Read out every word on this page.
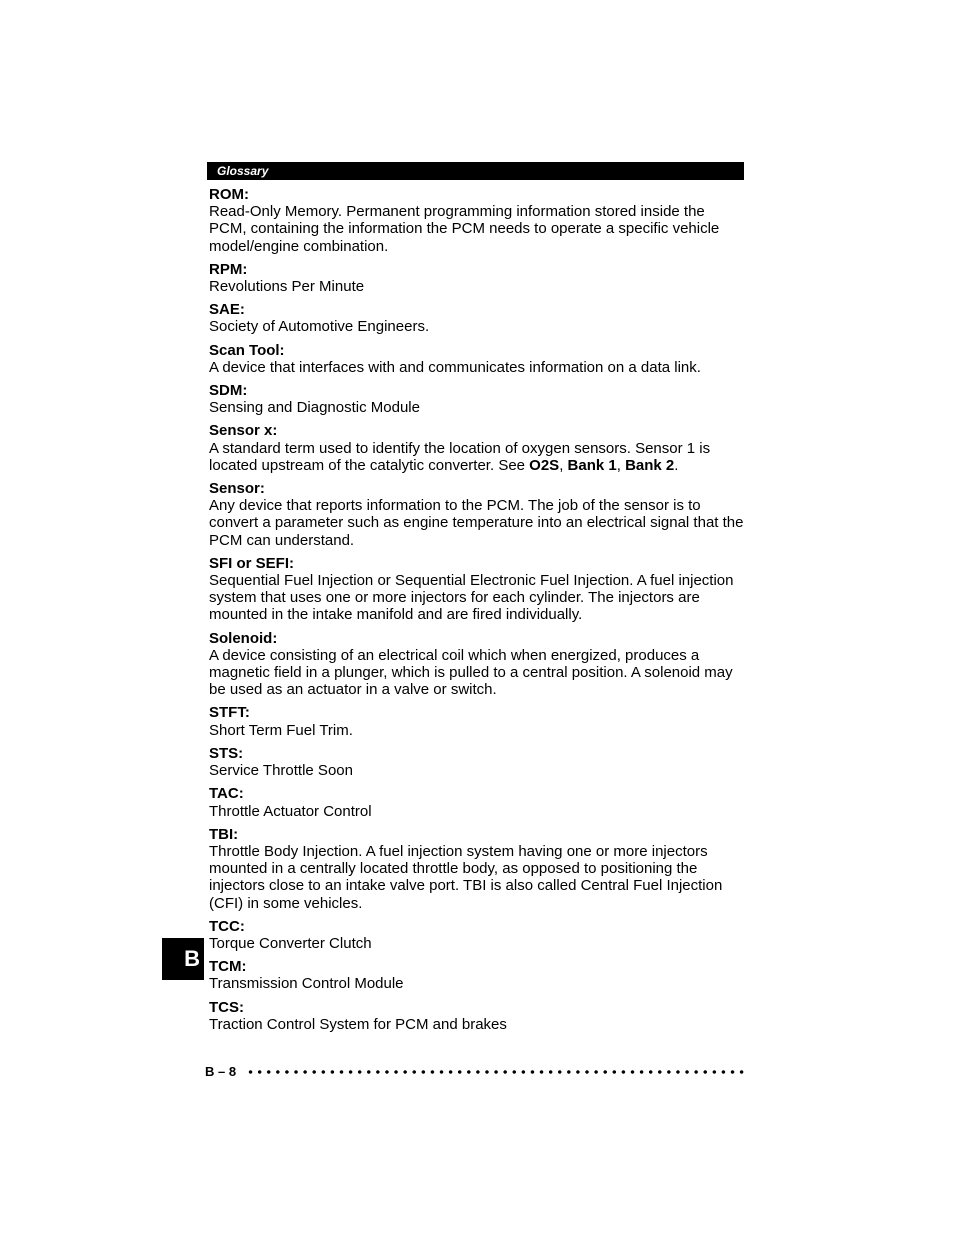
Glossary
ROM:
Read-Only Memory. Permanent programming information stored inside the PCM, containing the information the PCM needs to operate a specific vehicle model/engine combination.
RPM:
Revolutions Per Minute
SAE:
Society of Automotive Engineers.
Scan Tool:
A device that interfaces with and communicates information on a data link.
SDM:
Sensing and Diagnostic Module
Sensor x:
A standard term used to identify the location of oxygen sensors. Sensor 1 is located upstream of the catalytic converter. See O2S, Bank 1, Bank 2.
Sensor:
Any device that reports information to the PCM. The job of the sensor is to convert a parameter such as engine temperature into an electrical signal that the PCM can understand.
SFI or SEFI:
Sequential Fuel Injection or Sequential Electronic Fuel Injection. A fuel injection system that uses one or more injectors for each cylinder. The injectors are mounted in the intake manifold and are fired individually.
Solenoid:
A device consisting of an electrical coil which when energized, produces a magnetic field in a plunger, which is pulled to a central position. A solenoid may be used as an actuator in a valve or switch.
STFT:
Short Term Fuel Trim.
STS:
Service Throttle Soon
TAC:
Throttle Actuator Control
TBI:
Throttle Body Injection. A fuel injection system having one or more injectors mounted in a centrally located throttle body, as opposed to positioning the injectors close to an intake valve port. TBI is also called Central Fuel Injection (CFI) in some vehicles.
TCC:
Torque Converter Clutch
TCM:
Transmission Control Module
TCS:
Traction Control System for PCM and brakes
B
B – 8
